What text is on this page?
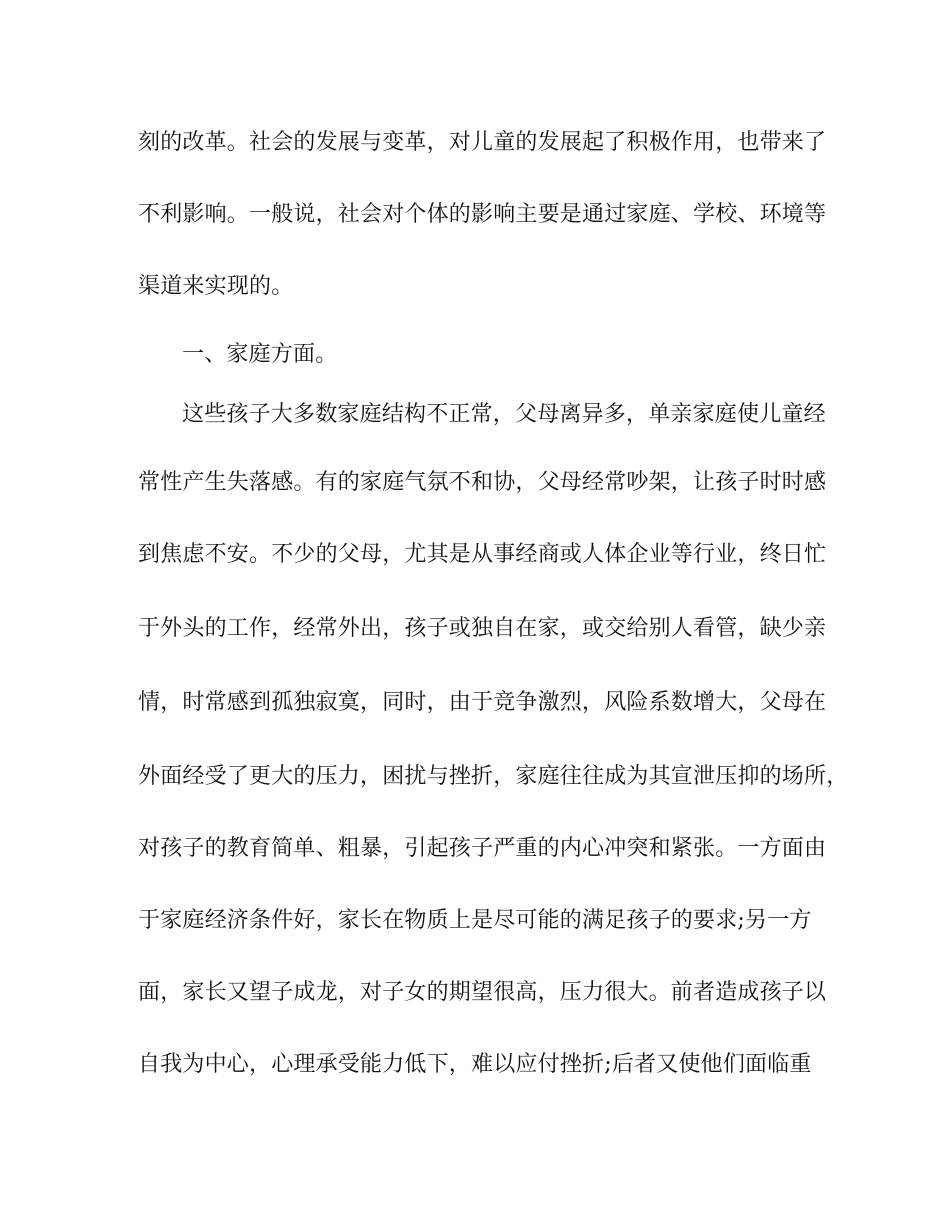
刻的改革。社会的发展与变革，对儿童的发展起了积极作用，也带来了
不利影响。一般说，社会对个体的影响主要是通过家庭、学校、环境等
渠道来实现的。
一、家庭方面。
这些孩子大多数家庭结构不正常，父母离异多，单亲家庭使儿童经
常性产生失落感。有的家庭气氛不和协，父母经常吵架，让孩子时时感
到焦虑不安。不少的父母，尤其是从事经商或人体企业等行业，终日忙
于外头的工作，经常外出，孩子或独自在家，或交给别人看管，缺少亲
情，时常感到孤独寂寞，同时，由于竞争激烈，风险系数增大，父母在
外面经受了更大的压力，困扰与挫折，家庭往往成为其宣泄压抑的场所，
对孩子的教育简单、粗暴，引起孩子严重的内心冲突和紧张。一方面由
于家庭经济条件好，家长在物质上是尽可能的满足孩子的要求;另一方
面，家长又望子成龙，对子女的期望很高，压力很大。前者造成孩子以
自我为中心，心理承受能力低下，难以应付挫折;后者又使他们面临重
